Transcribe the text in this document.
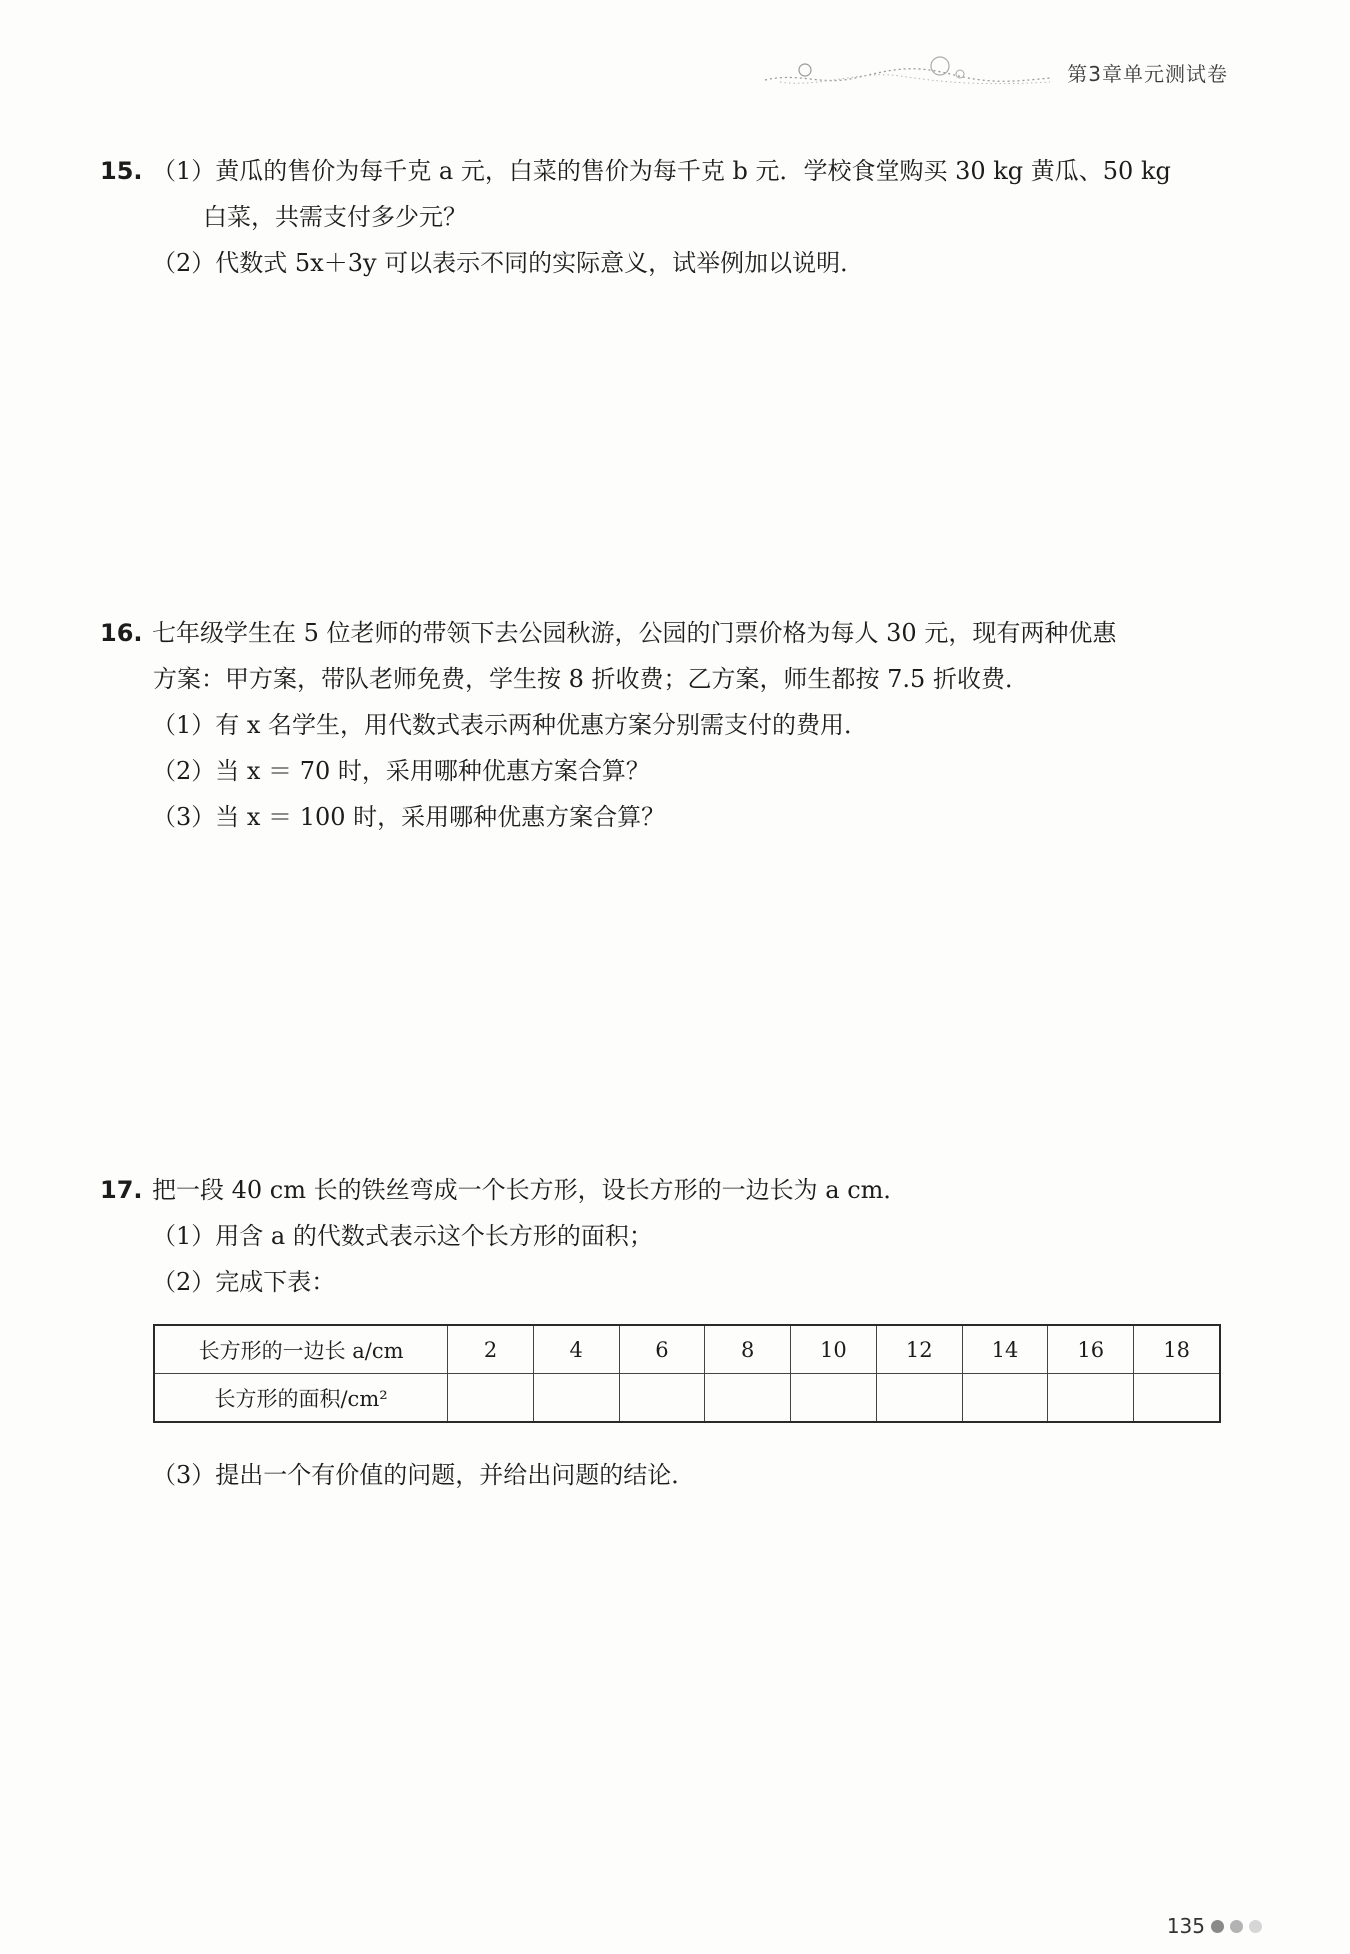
第3章单元测试卷
15. （1）黄瓜的售价为每千克 a 元，白菜的售价为每千克 b 元．学校食堂购买 30 kg 黄瓜、50 kg
白菜，共需支付多少元？
（2）代数式 5x＋3y 可以表示不同的实际意义，试举例加以说明．
16. 七年级学生在 5 位老师的带领下去公园秋游，公园的门票价格为每人 30 元，现有两种优惠
方案：甲方案，带队老师免费，学生按 8 折收费；乙方案，师生都按 7.5 折收费．
（1）有 x 名学生，用代数式表示两种优惠方案分别需支付的费用．
（2）当 x ＝ 70 时，采用哪种优惠方案合算？
（3）当 x ＝ 100 时，采用哪种优惠方案合算？
17. 把一段 40 cm 长的铁丝弯成一个长方形，设长方形的一边长为 a cm．
（1）用含 a 的代数式表示这个长方形的面积；
（2）完成下表：
长方形的一边长 a/cm	2	4	6	8	10	12	14	16	18
长方形的面积/cm²									
（3）提出一个有价值的问题，并给出问题的结论．
135
